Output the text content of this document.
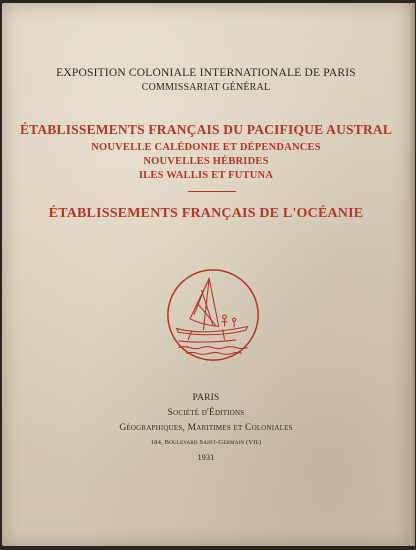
EXPOSITION COLONIALE INTERNATIONALE DE PARIS
COMMISSARIAT GÉNÉRAL
ÉTABLISSEMENTS FRANÇAIS DU PACIFIQUE AUSTRAL
NOUVELLE CALÉDONIE ET DÉPENDANCES
NOUVELLES HÉBRIDES
ILES WALLIS ET FUTUNA
ÉTABLISSEMENTS FRANÇAIS DE L'OCÉANIE
PARIS
Société d'Éditions
Géographiques, Maritimes et Coloniales
184, Boulevard Saint-Germain (VIe)
1931
